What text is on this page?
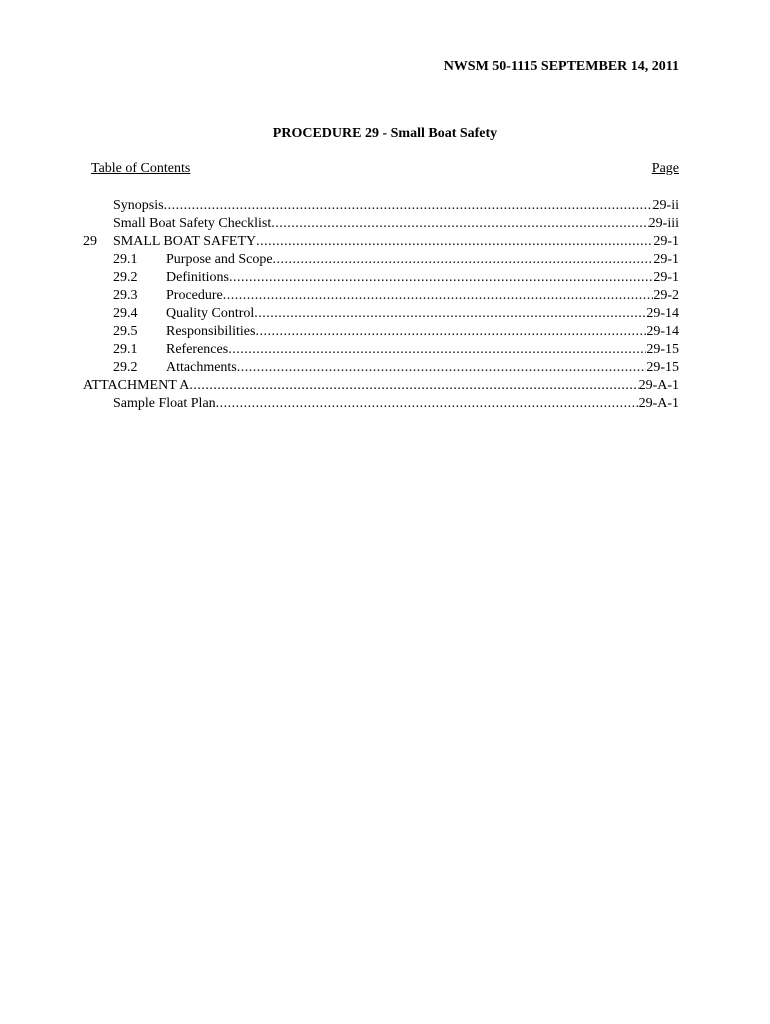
NWSM 50-1115 SEPTEMBER 14, 2011
PROCEDURE 29 - Small Boat Safety
Table of Contents	Page
Synopsis .....	29-ii
Small Boat Safety Checklist .....	29-iii
29 SMALL BOAT SAFETY .....	29-1
29.1 Purpose and Scope .....	29-1
29.2 Definitions .....	29-1
29.3 Procedure .....	29-2
29.4 Quality Control .....	29-14
29.5 Responsibilities .....	29-14
29.1 References .....	29-15
29.2 Attachments .....	29-15
ATTACHMENT A .....	29-A-1
Sample Float Plan .....	29-A-1
